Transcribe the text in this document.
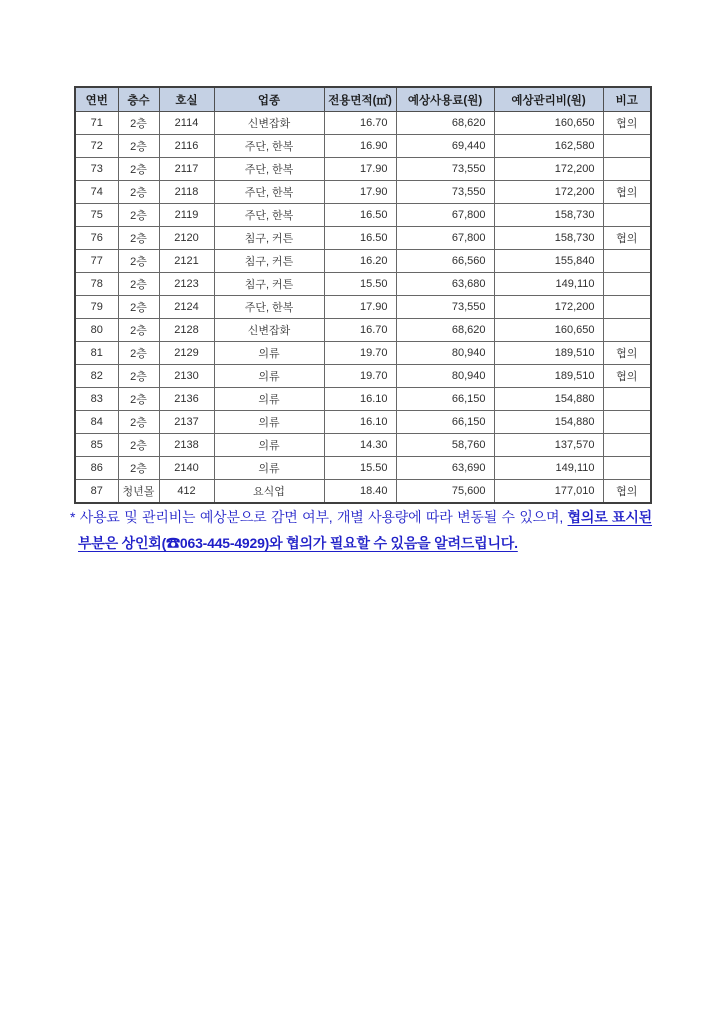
연번	층수	호실	업종	전용면적(㎡)	예상사용료(원)	예상관리비(원)	비고
71	2층	2114	신변잡화	16.70	68,620	160,650	협의
72	2층	2116	주단, 한복	16.90	69,440	162,580	
73	2층	2117	주단, 한복	17.90	73,550	172,200	
74	2층	2118	주단, 한복	17.90	73,550	172,200	협의
75	2층	2119	주단, 한복	16.50	67,800	158,730	
76	2층	2120	침구, 커튼	16.50	67,800	158,730	협의
77	2층	2121	침구, 커튼	16.20	66,560	155,840	
78	2층	2123	침구, 커튼	15.50	63,680	149,110	
79	2층	2124	주단, 한복	17.90	73,550	172,200	
80	2층	2128	신변잡화	16.70	68,620	160,650	
81	2층	2129	의류	19.70	80,940	189,510	협의
82	2층	2130	의류	19.70	80,940	189,510	협의
83	2층	2136	의류	16.10	66,150	154,880	
84	2층	2137	의류	16.10	66,150	154,880	
85	2층	2138	의류	14.30	58,760	137,570	
86	2층	2140	의류	15.50	63,690	149,110	
87	청년몰	412	요식업	18.40	75,600	177,010	협의
* 사용료 및 관리비는 예상분으로 감면 여부, 개별 사용량에 따라 변동될 수 있으며, 협의로 표시된
부분은 상인회(☎063-445-4929)와 협의가 필요할 수 있음을 알려드립니다.
